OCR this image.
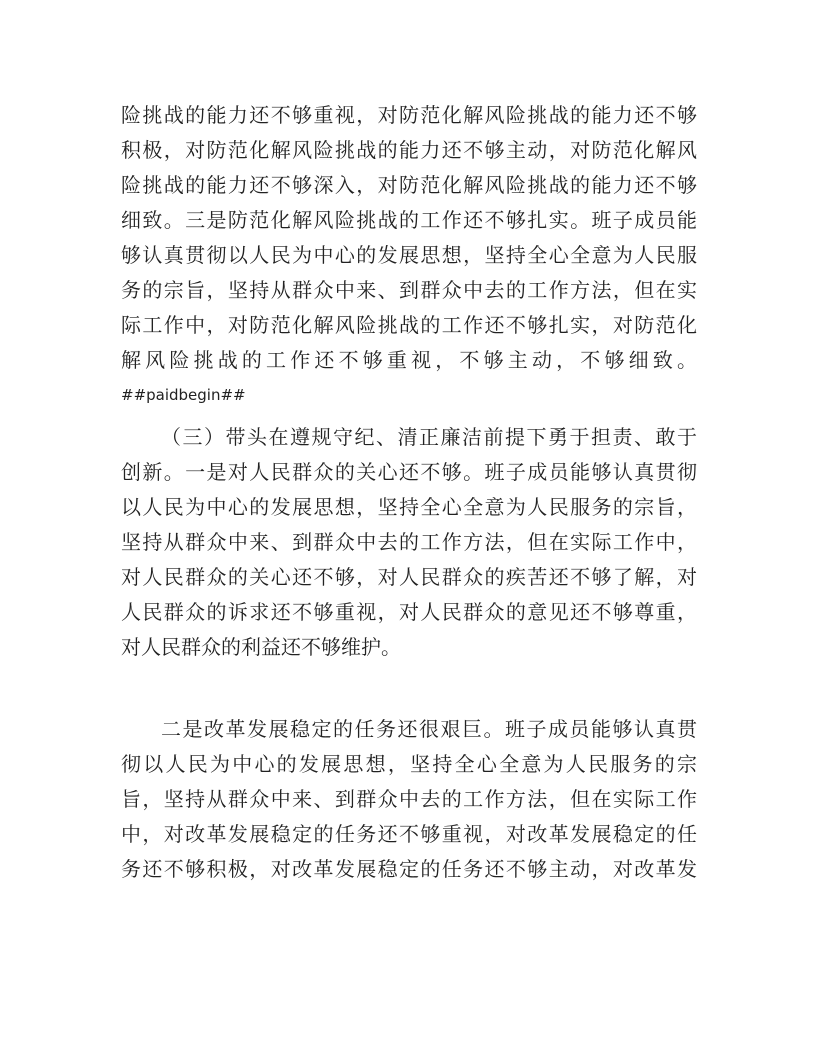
险挑战的能力还不够重视，对防范化解风险挑战的能力还不够
积极，对防范化解风险挑战的能力还不够主动，对防范化解风
险挑战的能力还不够深入，对防范化解风险挑战的能力还不够
细致。三是防范化解风险挑战的工作还不够扎实。班子成员能
够认真贯彻以人民为中心的发展思想，坚持全心全意为人民服
务的宗旨，坚持从群众中来、到群众中去的工作方法，但在实
际工作中，对防范化解风险挑战的工作还不够扎实，对防范化
解风险挑战的工作还不够重视，不够主动，不够细致。
##paidbegin##
（三）带头在遵规守纪、清正廉洁前提下勇于担责、敢于
创新。一是对人民群众的关心还不够。班子成员能够认真贯彻
以人民为中心的发展思想，坚持全心全意为人民服务的宗旨，
坚持从群众中来、到群众中去的工作方法，但在实际工作中，
对人民群众的关心还不够，对人民群众的疾苦还不够了解，对
人民群众的诉求还不够重视，对人民群众的意见还不够尊重，
对人民群众的利益还不够维护。
二是改革发展稳定的任务还很艰巨。班子成员能够认真贯
彻以人民为中心的发展思想，坚持全心全意为人民服务的宗
旨，坚持从群众中来、到群众中去的工作方法，但在实际工作
中，对改革发展稳定的任务还不够重视，对改革发展稳定的任
务还不够积极，对改革发展稳定的任务还不够主动，对改革发
